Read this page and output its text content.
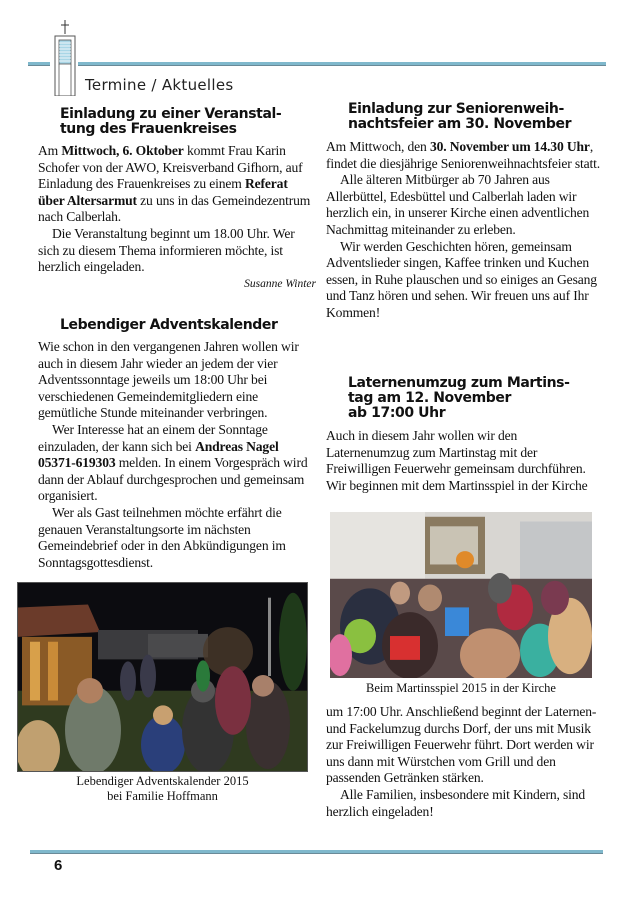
Termine / Aktuelles
Einladung zu einer Veranstal-
tung des Frauenkreises

Am Mittwoch, 6. Oktober kommt Frau Karin Schofer von der AWO, Kreisverband Gifhorn, auf Einladung des Frauenkreises zu einem Referat über Altersarmut zu uns in das Gemeindezentrum nach Calberlah.

Die Veranstaltung beginnt um 18.00 Uhr. Wer sich zu diesem Thema informieren möchte, ist herzlich eingeladen.

Susanne Winter
Lebendiger Adventskalender

Wie schon in den vergangenen Jahren wollen wir auch in diesem Jahr wieder an jedem der vier Adventssonntage jeweils um 18:00 Uhr bei verschiedenen Gemeindemitgliedern eine gemütliche Stunde miteinander verbringen.

Wer Interesse hat an einem der Sonntage einzuladen, der kann sich bei Andreas Nagel 05371-619303 melden. In einem Vorgespräch wird dann der Ablauf durchgesprochen und gemeinsam organisiert.

Wer als Gast teilnehmen möchte erfährt die genauen Veranstaltungsorte im nächsten Gemeindebrief oder in den Abkündigungen im Sonntagsgottesdienst.

Lebendiger Adventskalender 2015
bei Familie Hoffmann
Einladung zur Seniorenweih-
nachtsfeier am 30. November

Am Mittwoch, den 30. November um 14.30 Uhr, findet die diesjährige Seniorenweihnachtsfeier statt.

Alle älteren Mitbürger ab 70 Jahren aus Allerbüttel, Edesbüttel und Calberlah laden wir herzlich ein, in unserer Kirche einen adventlichen Nachmittag miteinander zu erleben.

Wir werden Geschichten hören, gemeinsam Adventslieder singen, Kaffee trinken und Kuchen essen, in Ruhe plauschen und so einiges an Gesang und Tanz hören und sehen. Wir freuen uns auf Ihr Kommen!

Laternenumzug zum Martins-
tag am 12. November
ab 17:00 Uhr

Auch in diesem Jahr wollen wir den Laternenumzug zum Martinstag mit der Freiwilligen Feuerwehr gemeinsam durchführen. Wir beginnen mit dem Martinsspiel in der Kirche

Beim Martinsspiel 2015 in der Kirche

um 17:00 Uhr. Anschließend beginnt der Laternen- und Fackelumzug durchs Dorf, der uns mit Musik zur Freiwilligen Feuerwehr führt. Dort werden wir uns dann mit Würstchen vom Grill und den passenden Getränken stärken.

Alle Familien, insbesondere mit Kindern, sind herzlich eingeladen!

6
